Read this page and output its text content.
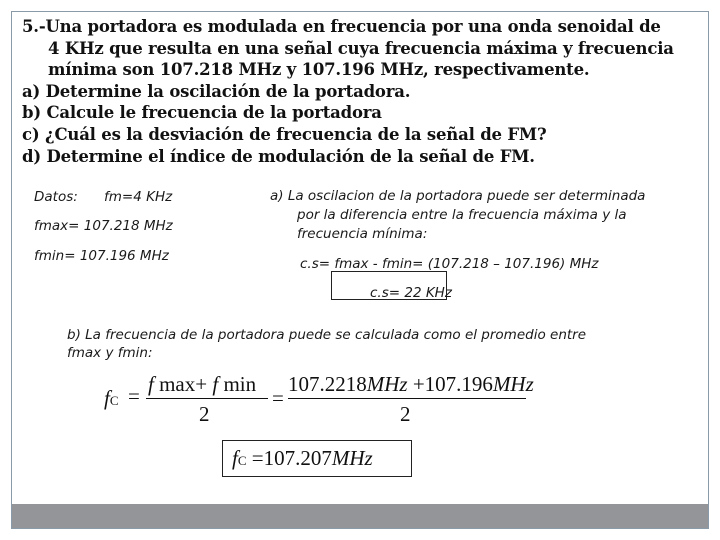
5.-Una portadora es modulada en frecuencia por una onda senoidal de
4 KHz que resulta en una señal cuya frecuencia máxima y frecuencia
mínima son 107.218 MHz y 107.196 MHz, respectivamente.
a) Determine la oscilación de la portadora.
b) Calcule le frecuencia de la portadora
c) ¿Cuál es la desviación de frecuencia de la señal de FM?
d) Determine el índice de modulación de la señal de FM.
Datos: fm=4 KHz
fmax= 107.218 MHz
fmin= 107.196 MHz
a) La oscilacion de la portadora puede ser determinada
por la diferencia entre la frecuencia máxima y la
frecuencia mínima:
c.s= fmax - fmin= (107.218 – 107.196) MHz
c.s= 22 KHz
b) La frecuencia de la portadora puede se calculada como el promedio entre
fmax y fmin:
fC = f max+ f min
2
=
107.2218MHz +107.196MHz
2
fC =107.207MHz
